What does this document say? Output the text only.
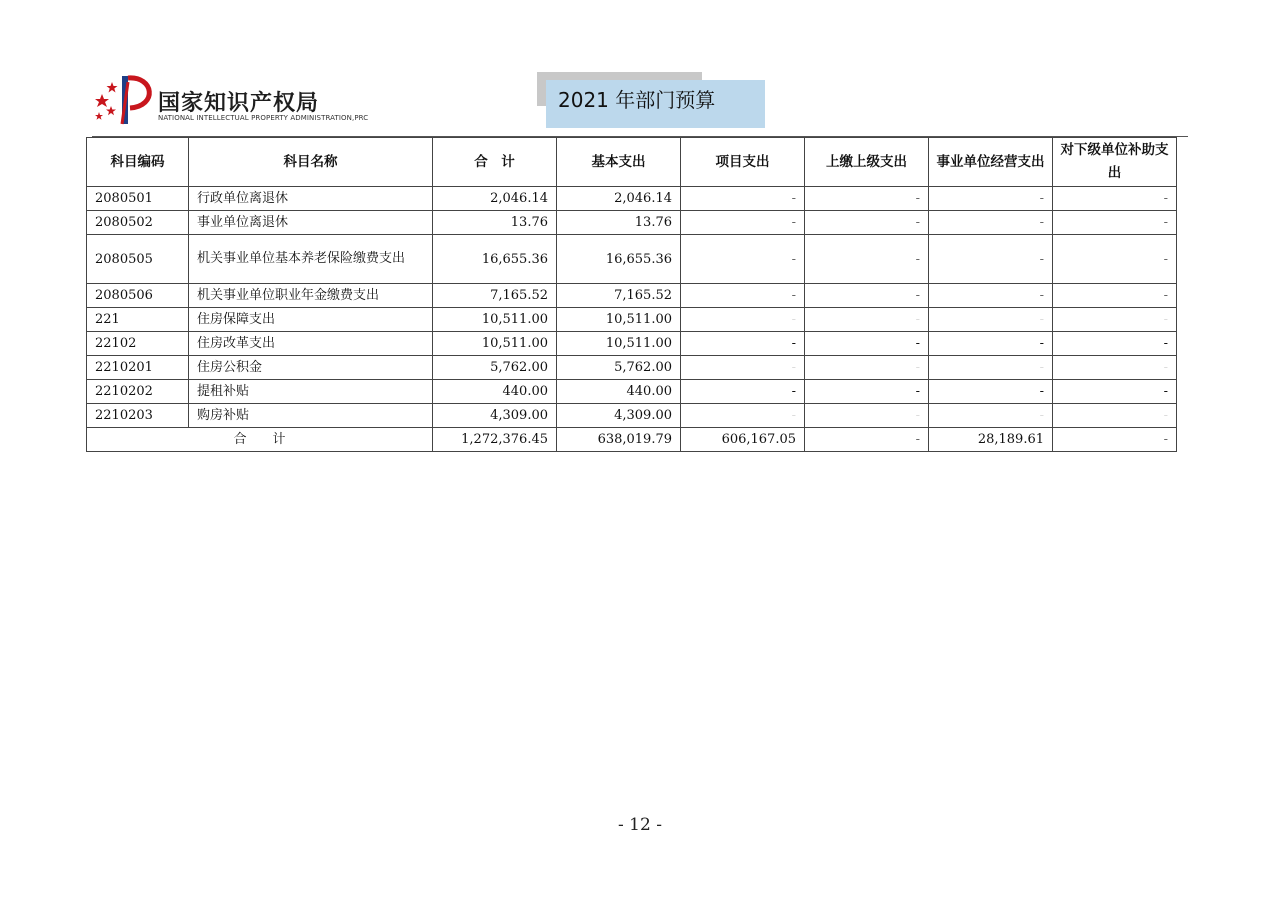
国家知识产权局
NATIONAL INTELLECTUAL PROPERTY ADMINISTRATION,PRC
2021 年部门预算
科目编码	科目名称	合　计	基本支出	项目支出	上缴上级支出	事业单位经营支出	对下级单位补助支出
2080501	行政单位离退休	2,046.14	2,046.14	-	-	-	-
2080502	事业单位离退休	13.76	13.76	-	-	-	-
2080505	机关事业单位基本养老保险缴费支出	16,655.36	16,655.36	-	-	-	-
2080506	机关事业单位职业年金缴费支出	7,165.52	7,165.52	-	-	-	-
221	住房保障支出	10,511.00	10,511.00	-	-	-	-
22102	住房改革支出	10,511.00	10,511.00	-	-	-	-
2210201	住房公积金	5,762.00	5,762.00	-	-	-	-
2210202	提租补贴	440.00	440.00	-	-	-	-
2210203	购房补贴	4,309.00	4,309.00	-	-	-	-
合　　计		1,272,376.45	638,019.79	606,167.05	-	28,189.61	-
- 12 -
